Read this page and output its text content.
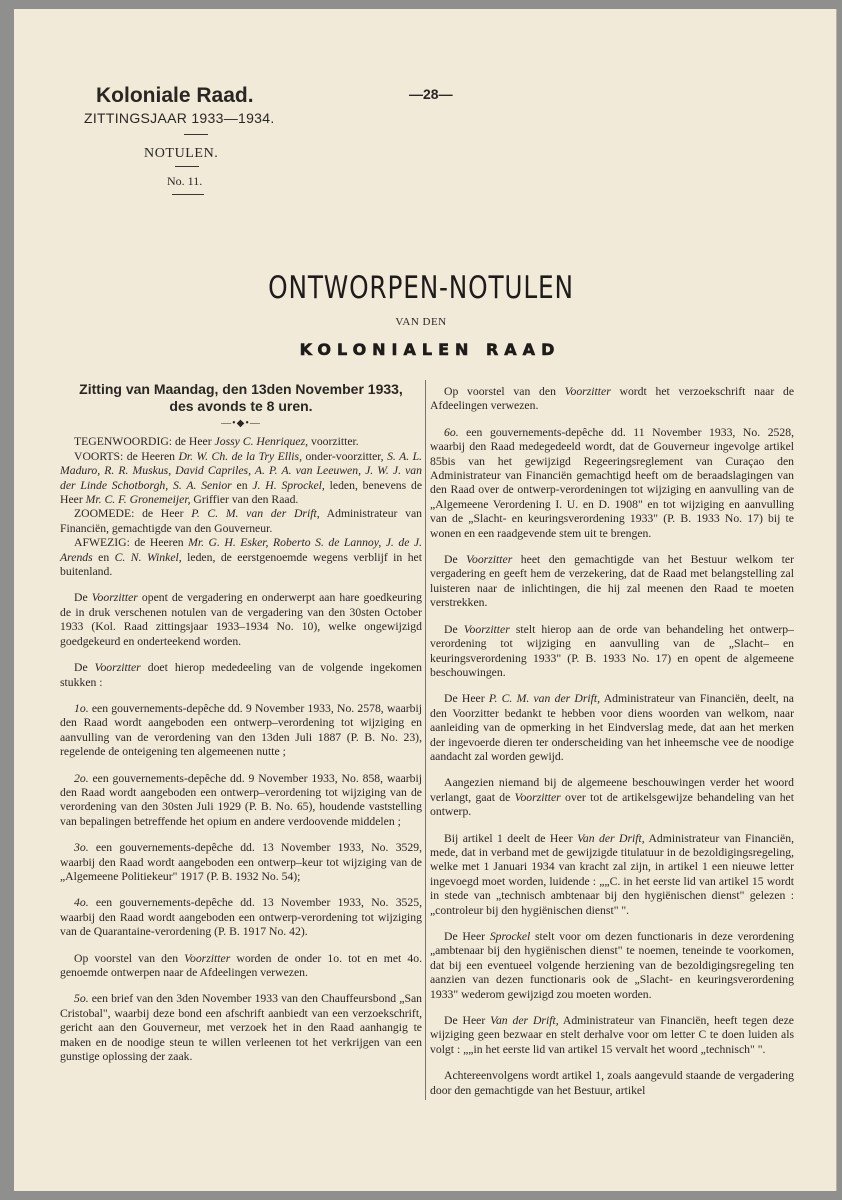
Koloniale Raad.
ZITTINGSJAAR 1933—1934.
—28—
NOTULEN.
No. 11.
ONTWORPEN-NOTULEN
VAN DEN
KOLONIALEN RAAD
Zitting van Maandag, den 13den November 1933,
des avonds te 8 uren.
—•◆•—

TEGENWOORDIG: de Heer Jossy C. Henriquez, voorzitter.

VOORTS: de Heeren Dr. W. Ch. de la Try Ellis, onder-voorzitter, S. A. L. Maduro, R. R. Muskus, David Capriles, A. P. A. van Leeuwen, J. W. J. van der Linde Schotborgh, S. A. Senior en J. H. Sprockel, leden, benevens de Heer Mr. C. F. Gronemeijer, Griffier van den Raad.

ZOOMEDE: de Heer P. C. M. van der Drift, Administrateur van Financiën, gemachtigde van den Gouverneur.

AFWEZIG: de Heeren Mr. G. H. Esker, Roberto S. de Lannoy, J. de J. Arends en C. N. Winkel, leden, de eerstgenoemde wegens verblijf in het buitenland.

De Voorzitter opent de vergadering en onderwerpt aan hare goedkeuring de in druk verschenen notulen van de vergadering van den 30sten October 1933 (Kol. Raad zittingsjaar 1933–1934 No. 10), welke ongewijzigd goedgekeurd en onderteekend worden.

De Voorzitter doet hierop mededeeling van de volgende ingekomen stukken :

1o. een gouvernements-depêche dd. 9 November 1933, No. 2578, waarbij den Raad wordt aangeboden een ontwerp–verordening tot wijziging en aanvulling van de verordening van den 13den Juli 1887 (P. B. No. 23), regelende de onteigening ten algemeenen nutte ;

2o. een gouvernements-depêche dd. 9 November 1933, No. 858, waarbij den Raad wordt aangeboden een ontwerp–verordening tot wijziging van de verordening van den 30sten Juli 1929 (P. B. No. 65), houdende vaststelling van bepalingen betreffende het opium en andere verdoovende middelen ;

3o. een gouvernements-depêche dd. 13 November 1933, No. 3529, waarbij den Raad wordt aangeboden een ontwerp–keur tot wijziging van de „Algemeene Politiekeur" 1917 (P. B. 1932 No. 54);

4o. een gouvernements-depêche dd. 13 November 1933, No. 3525, waarbij den Raad wordt aangeboden een ontwerp-verordening tot wijziging van de Quarantaine-verordening (P. B. 1917 No. 42).

Op voorstel van den Voorzitter worden de onder 1o. tot en met 4o. genoemde ontwerpen naar de Afdeelingen verwezen.

5o. een brief van den 3den November 1933 van den Chauffeursbond „San Cristobal", waarbij deze bond een afschrift aanbiedt van een verzoekschrift, gericht aan den Gouverneur, met verzoek het in den Raad aanhangig te maken en de noodige steun te willen verleenen tot het verkrijgen van een gunstige oplossing der zaak.

Op voorstel van den Voorzitter wordt het verzoekschrift naar de Afdeelingen verwezen.

6o. een gouvernements-depêche dd. 11 November 1933, No. 2528, waarbij den Raad medegedeeld wordt, dat de Gouverneur ingevolge artikel 85bis van het gewijzigd Regeeringsreglement van Curaçao den Administrateur van Financiën gemachtigd heeft om de beraadslagingen van den Raad over de ontwerp-verordeningen tot wijziging en aanvulling van de „Algemeene Verordening I. U. en D. 1908" en tot wijziging en aanvulling van de „Slacht- en keuringsverordening 1933" (P. B. 1933 No. 17) bij te wonen en een raadgevende stem uit te brengen.

De Voorzitter heet den gemachtigde van het Bestuur welkom ter vergadering en geeft hem de verzekering, dat de Raad met belangstelling zal luisteren naar de inlichtingen, die hij zal meenen den Raad te moeten verstrekken.

De Voorzitter stelt hierop aan de orde van behandeling het ontwerp–verordening tot wijziging en aanvulling van de „Slacht– en keuringsverordening 1933" (P. B. 1933 No. 17) en opent de algemeene beschouwingen.

De Heer P. C. M. van der Drift, Administrateur van Financiën, deelt, na den Voorzitter bedankt te hebben voor diens woorden van welkom, naar aanleiding van de opmerking in het Eindverslag mede, dat aan het merken der ingevoerde dieren ter onderscheiding van het inheemsche vee de noodige aandacht zal worden gewijd.

Aangezien niemand bij de algemeene beschouwingen verder het woord verlangt, gaat de Voorzitter over tot de artikelsgewijze behandeling van het ontwerp.

Bij artikel 1 deelt de Heer Van der Drift, Administrateur van Financiën, mede, dat in verband met de gewijzigde titulatuur in de bezoldigingsregeling, welke met 1 Januari 1934 van kracht zal zijn, in artikel 1 een nieuwe letter ingevoegd moet worden, luidende : „„C. in het eerste lid van artikel 15 wordt in stede van „technisch ambtenaar bij den hygiënischen dienst" gelezen : „controleur bij den hygiënischen dienst" ".

De Heer Sprockel stelt voor om dezen functionaris in deze verordening „ambtenaar bij den hygiënischen dienst" te noemen, teneinde te voorkomen, dat bij een eventueel volgende herziening van de bezoldigingsregeling ten aanzien van dezen functionaris ook de „Slacht- en keuringsverordening 1933" wederom gewijzigd zou moeten worden.

De Heer Van der Drift, Administrateur van Financiën, heeft tegen deze wijziging geen bezwaar en stelt derhalve voor om letter C te doen luiden als volgt : „„in het eerste lid van artikel 15 vervalt het woord „technisch" ".

Achtereenvolgens wordt artikel 1, zoals aangevuld staande de vergadering door den gemachtigde van het Bestuur, artikel
